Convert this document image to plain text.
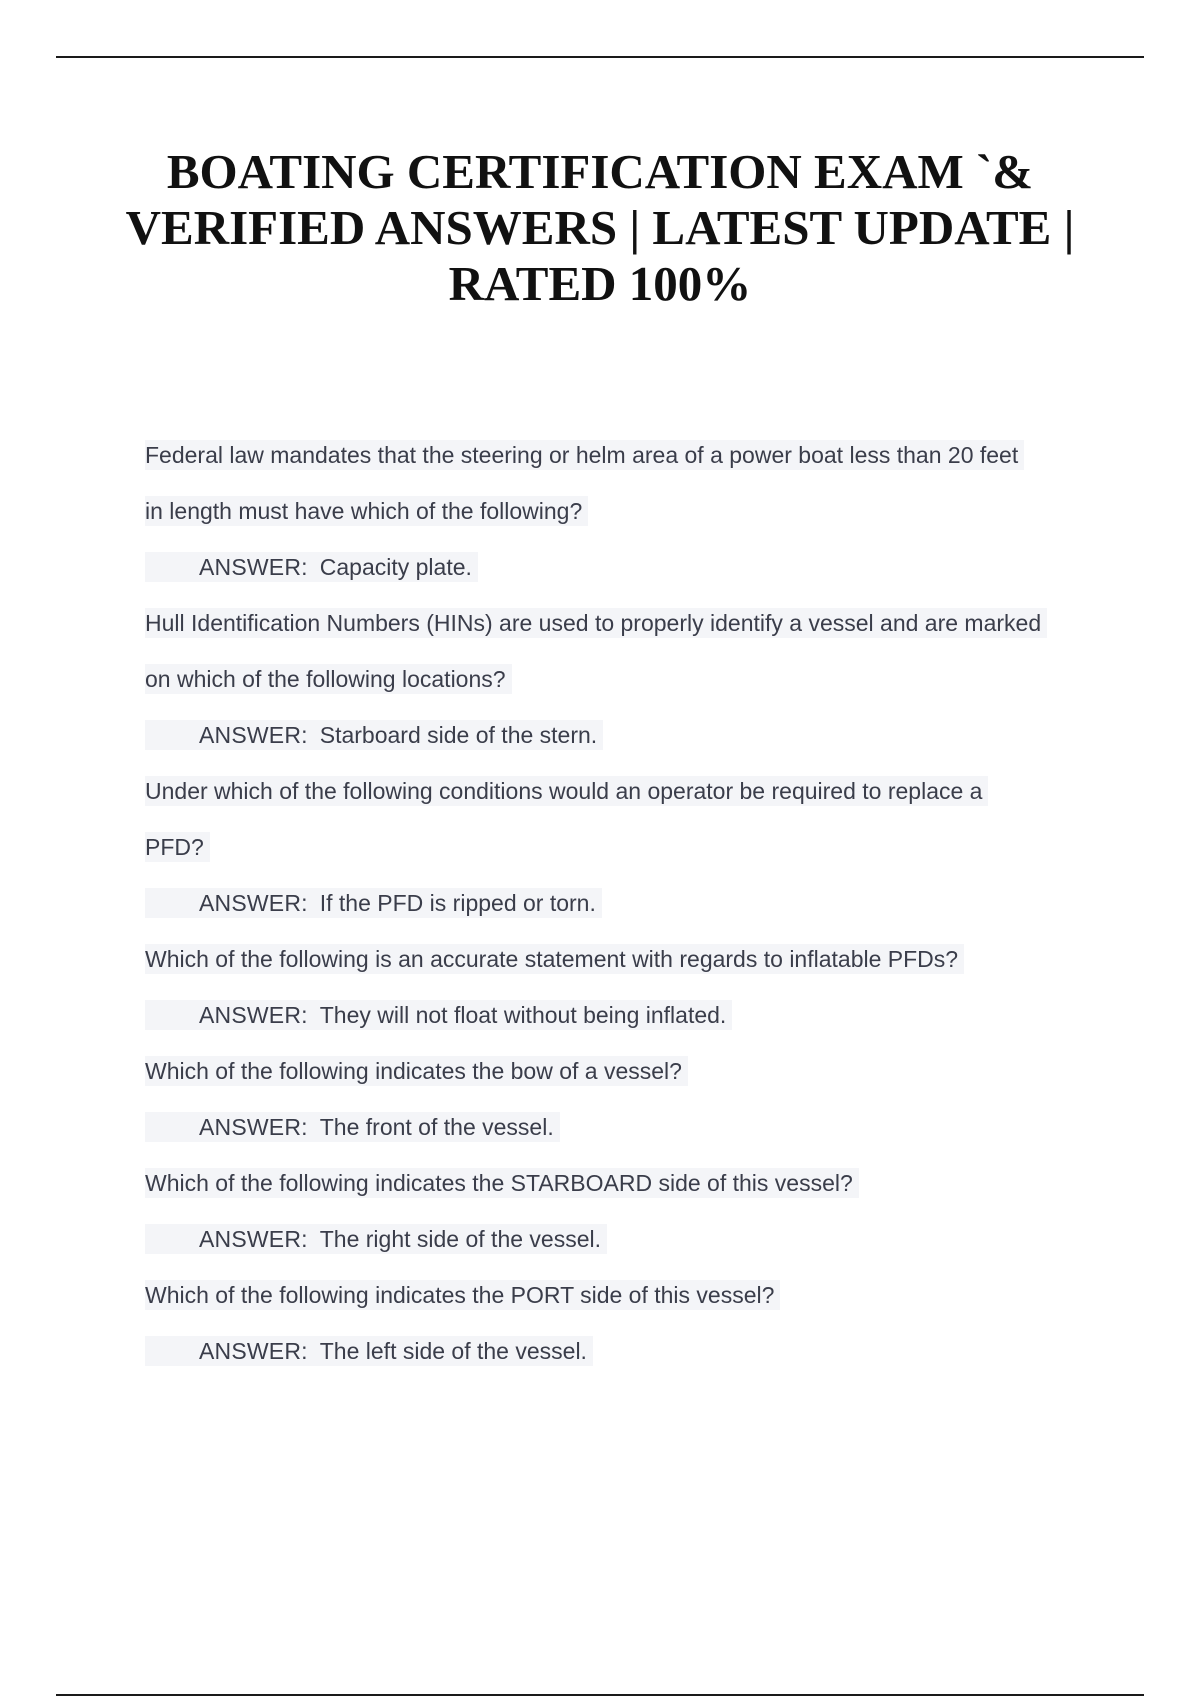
BOATING CERTIFICATION EXAM `&
VERIFIED ANSWERS | LATEST UPDATE |
RATED 100%
Federal law mandates that the steering or helm area of a power boat less than 20 feet
in length must have which of the following?
ANSWER: Capacity plate.
Hull Identification Numbers (HINs) are used to properly identify a vessel and are marked
on which of the following locations?
ANSWER: Starboard side of the stern.
Under which of the following conditions would an operator be required to replace a
PFD?
ANSWER: If the PFD is ripped or torn.
Which of the following is an accurate statement with regards to inflatable PFDs?
ANSWER: They will not float without being inflated.
Which of the following indicates the bow of a vessel?
ANSWER: The front of the vessel.
Which of the following indicates the STARBOARD side of this vessel?
ANSWER: The right side of the vessel.
Which of the following indicates the PORT side of this vessel?
ANSWER: The left side of the vessel.
